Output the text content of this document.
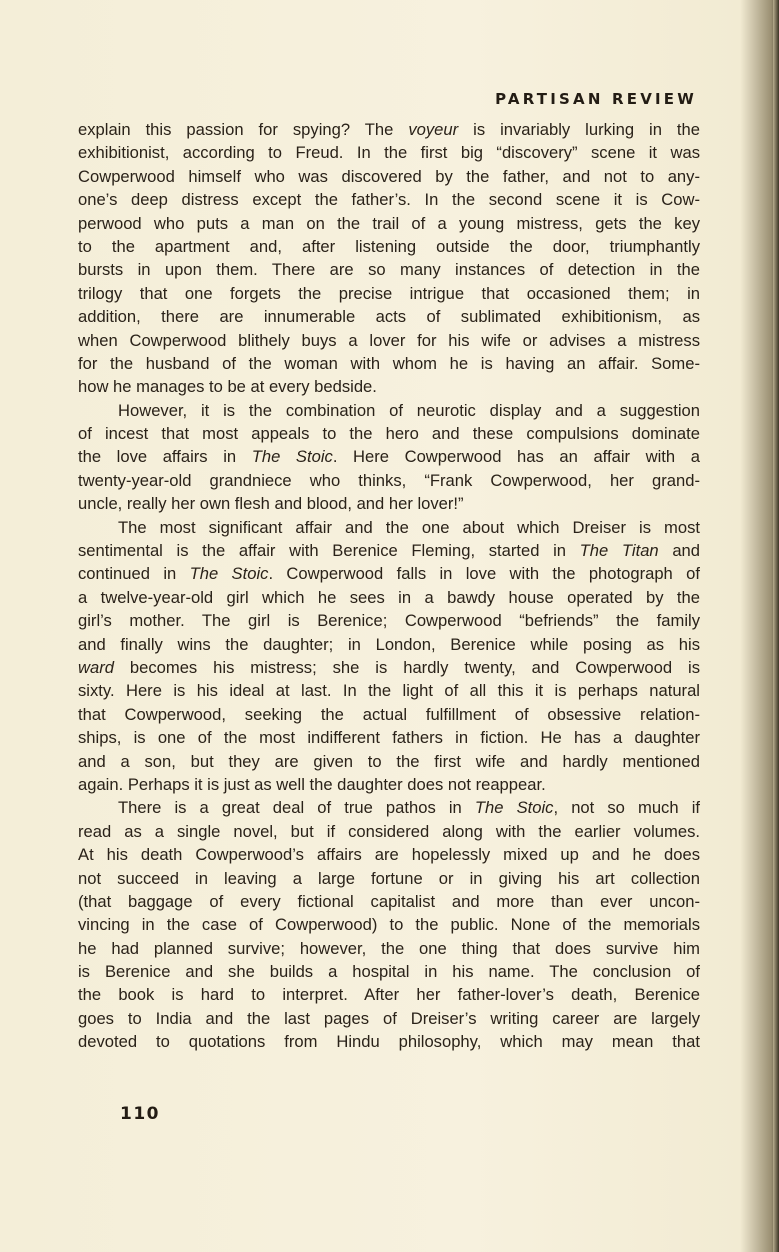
PARTISAN REVIEW
explain this passion for spying? The voyeur is invariably lurking in the
exhibitionist, according to Freud. In the first big “discovery” scene it was
Cowperwood himself who was discovered by the father, and not to any-
one’s deep distress except the father’s. In the second scene it is Cow-
perwood who puts a man on the trail of a young mistress, gets the key
to the apartment and, after listening outside the door, triumphantly
bursts in upon them. There are so many instances of detection in the
trilogy that one forgets the precise intrigue that occasioned them; in
addition, there are innumerable acts of sublimated exhibitionism, as
when Cowperwood blithely buys a lover for his wife or advises a mistress
for the husband of the woman with whom he is having an affair. Some-
how he manages to be at every bedside.
However, it is the combination of neurotic display and a suggestion
of incest that most appeals to the hero and these compulsions dominate
the love affairs in The Stoic. Here Cowperwood has an affair with a
twenty-year-old grandniece who thinks, “Frank Cowperwood, her grand-
uncle, really her own flesh and blood, and her lover!”
The most significant affair and the one about which Dreiser is most
sentimental is the affair with Berenice Fleming, started in The Titan and
continued in The Stoic. Cowperwood falls in love with the photograph of
a twelve-year-old girl which he sees in a bawdy house operated by the
girl’s mother. The girl is Berenice; Cowperwood “befriends” the family
and finally wins the daughter; in London, Berenice while posing as his
ward becomes his mistress; she is hardly twenty, and Cowperwood is
sixty. Here is his ideal at last. In the light of all this it is perhaps natural
that Cowperwood, seeking the actual fulfillment of obsessive relation-
ships, is one of the most indifferent fathers in fiction. He has a daughter
and a son, but they are given to the first wife and hardly mentioned
again. Perhaps it is just as well the daughter does not reappear.
There is a great deal of true pathos in The Stoic, not so much if
read as a single novel, but if considered along with the earlier volumes.
At his death Cowperwood’s affairs are hopelessly mixed up and he does
not succeed in leaving a large fortune or in giving his art collection
(that baggage of every fictional capitalist and more than ever uncon-
vincing in the case of Cowperwood) to the public. None of the memorials
he had planned survive; however, the one thing that does survive him
is Berenice and she builds a hospital in his name. The conclusion of
the book is hard to interpret. After her father-lover’s death, Berenice
goes to India and the last pages of Dreiser’s writing career are largely
devoted to quotations from Hindu philosophy, which may mean that
110
